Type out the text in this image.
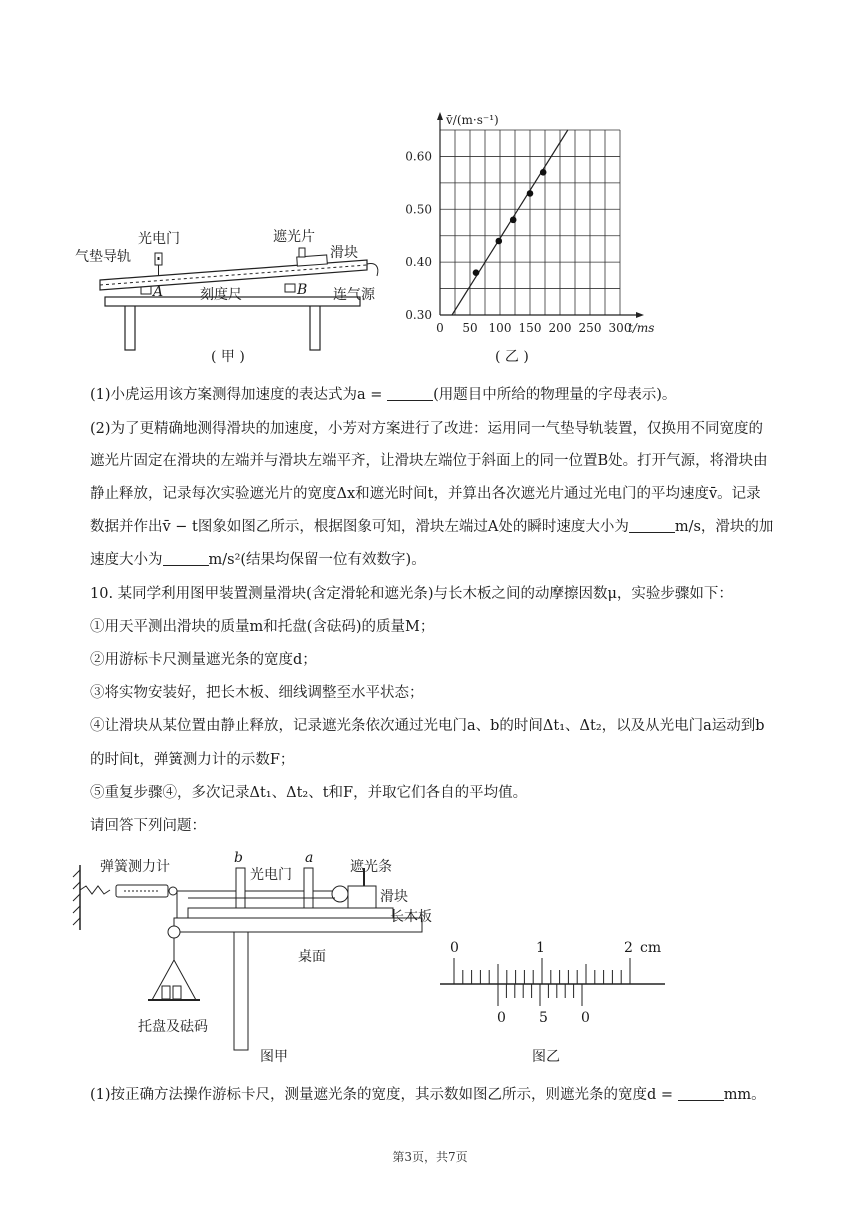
光电门
气垫导轨
遮光片
滑块
A	刻度尺	B 连气源
( 甲 )
0 50 100 150 200 250 300
0.30
0.40
0.50
0.60
v̄/(m·s⁻¹)
t/ms
( 乙 )
(1)小虎运用该方案测得加速度的表达式为a =	(用题目中所给的物理量的字母表示)。
(2)为了更精确地测得滑块的加速度，小芳对方案进行了改进：运用同一气垫导轨装置，仅换用不同宽度的
遮光片固定在滑块的左端并与滑块左端平齐，让滑块左端位于斜面上的同一位置B处。打开气源，将滑块由
静止释放，记录每次实验遮光片的宽度Δx和遮光时间t，并算出各次遮光片通过光电门的平均速度v̄。记录
数据并作出v̄ − t图象如图乙所示，根据图象可知，滑块左端过A处的瞬时速度大小为	m/s，滑块的加
速度大小为	m/s²(结果均保留一位有效数字)。
10. 某同学利用图甲装置测量滑块(含定滑轮和遮光条)与长木板之间的动摩擦因数μ，实验步骤如下：
①用天平测出滑块的质量m和托盘(含砝码)的质量M；
②用游标卡尺测量遮光条的宽度d；
③将实物安装好，把长木板、细线调整至水平状态；
④让滑块从某位置由静止释放，记录遮光条依次通过光电门a、b的时间Δt₁、Δt₂，以及从光电门a运动到b
的时间t，弹簧测力计的示数F；
⑤重复步骤④，多次记录Δt₁、Δt₂、t和F，并取它们各自的平均值。
请回答下列问题：
弹簧测力计
b
光电门
a
遮光条
滑块
长木板
桌面
托盘及砝码
图甲
0	1	2 cm
0 5 0
图乙
(1)按正确方法操作游标卡尺，测量遮光条的宽度，其示数如图乙所示，则遮光条的宽度d =	mm。
第3页，共7页
